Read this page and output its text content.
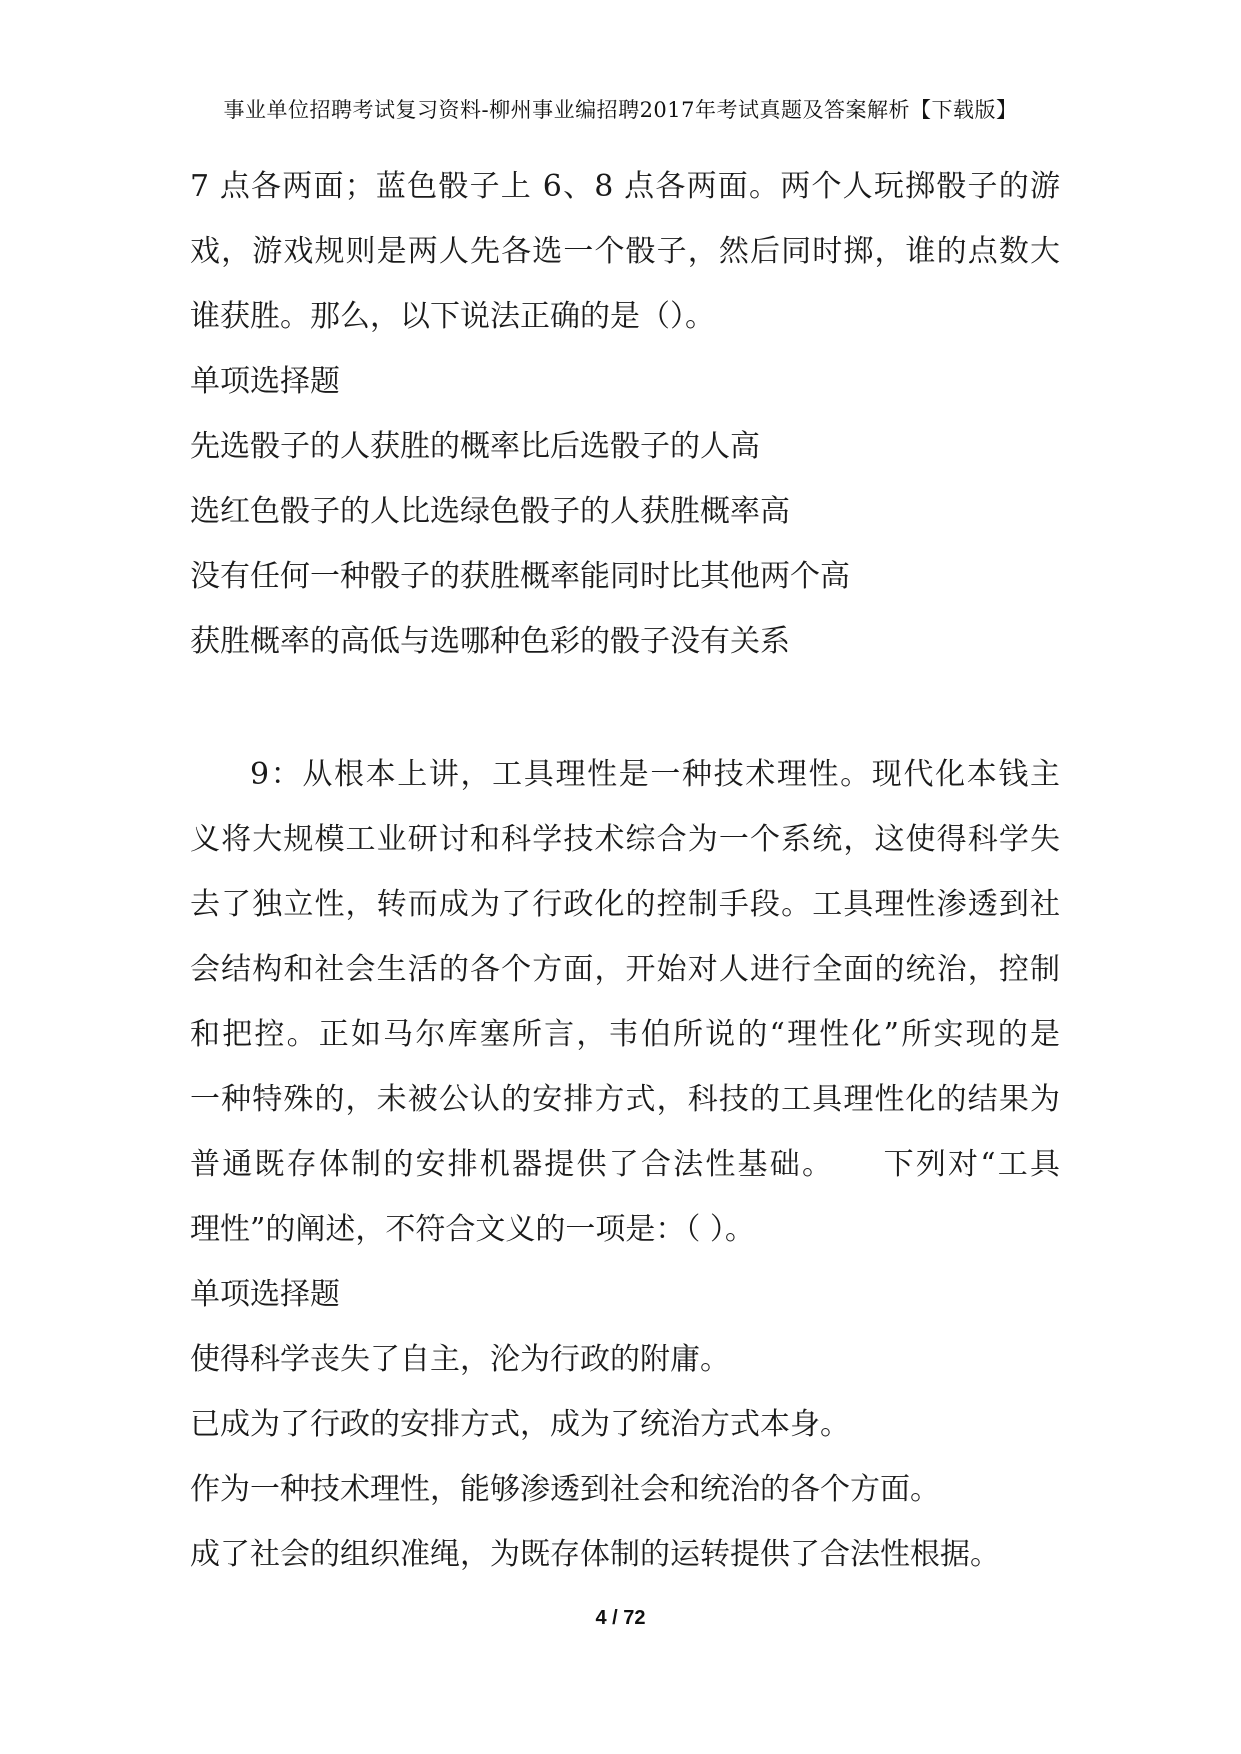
事业单位招聘考试复习资料-柳州事业编招聘2017年考试真题及答案解析【下载版】
7 点各两面；蓝色骰子上 6、8 点各两面。两个人玩掷骰子的游
戏，游戏规则是两人先各选一个骰子，然后同时掷，谁的点数大
谁获胜。那么，以下说法正确的是（）。
单项选择题
先选骰子的人获胜的概率比后选骰子的人高
选红色骰子的人比选绿色骰子的人获胜概率高
没有任何一种骰子的获胜概率能同时比其他两个高
获胜概率的高低与选哪种色彩的骰子没有关系
9：从根本上讲，工具理性是一种技术理性。现代化本钱主
义将大规模工业研讨和科学技术综合为一个系统，这使得科学失
去了独立性，转而成为了行政化的控制手段。工具理性渗透到社
会结构和社会生活的各个方面，开始对人进行全面的统治，控制
和把控。正如马尔库塞所言，韦伯所说的“理性化”所实现的是
一种特殊的，未被公认的安排方式，科技的工具理性化的结果为
普通既存体制的安排机器提供了合法性基础。　　下列对“工具
理性”的阐述，不符合文义的一项是：（ ）。
单项选择题
使得科学丧失了自主，沦为行政的附庸。
已成为了行政的安排方式，成为了统治方式本身。
作为一种技术理性，能够渗透到社会和统治的各个方面。
成了社会的组织准绳，为既存体制的运转提供了合法性根据。
4 / 72
